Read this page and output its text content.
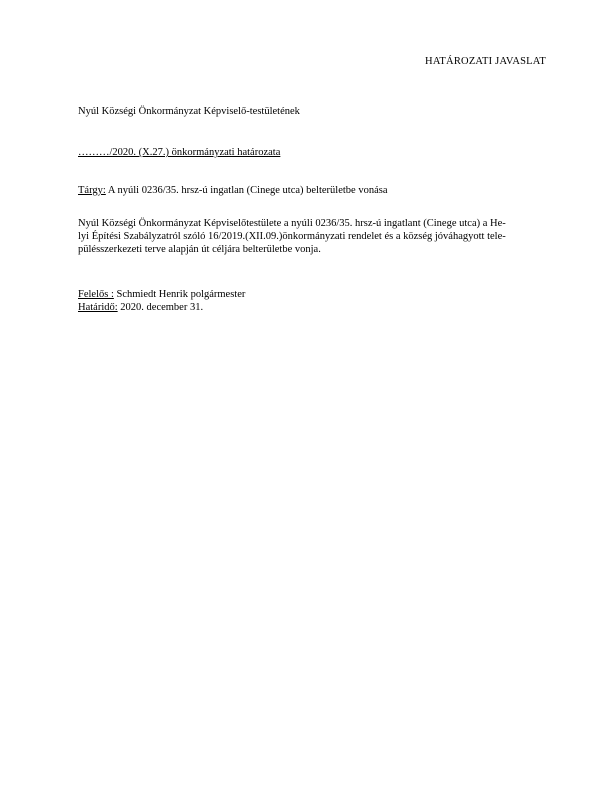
HATÁROZATI JAVASLAT
Nyúl Községi Önkormányzat Képviselő-testületének
………/2020. (X.27.) önkormányzati határozata
Tárgy: A nyúli 0236/35. hrsz-ú ingatlan (Cinege utca) belterületbe vonása
Nyúl Községi Önkormányzat Képviselőtestülete a nyúli 0236/35. hrsz-ú ingatlant (Cinege utca) a He-
lyi Építési Szabályzatról szóló 16/2019.(XII.09.)önkormányzati rendelet és a község jóváhagyott tele-
pülésszerkezeti terve alapján út céljára belterületbe vonja.
Felelős : Schmiedt Henrik polgármester
Határidő: 2020. december 31.
